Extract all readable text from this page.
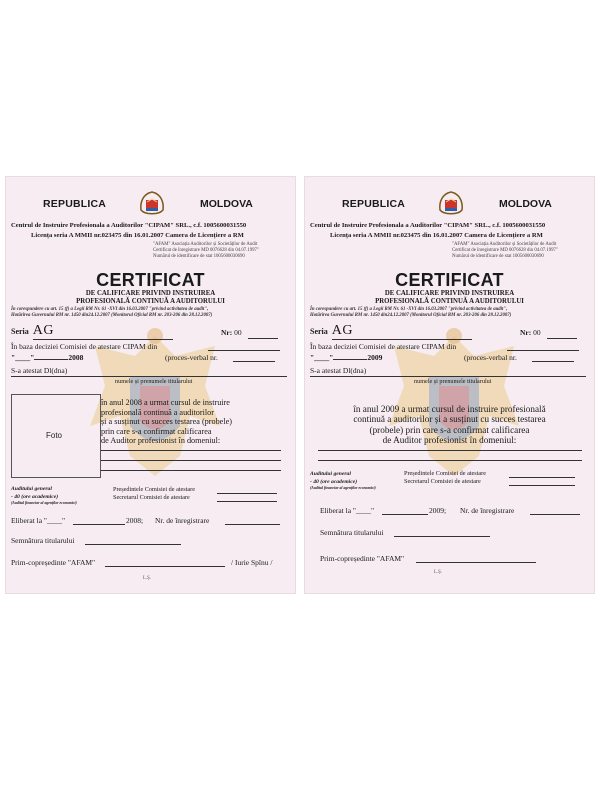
REPUBLICA	MOLDOVA
Centrul de Instruire Profesionala a Auditorilor "CIPAM" SRL., c.f. 1005600031550
Licența seria A MMII nr.023475 din 16.01.2007 Camera de Licențiere a RM
"AFAM" Asociația Auditorilor și Societăților de Audit
Certificat de înregistrare MD 0076628 din 04.07.1997"
Numărul de identificare de stat 1005600030690
CERTIFICAT
DE CALIFICARE PRIVIND INSTRUIREA
PROFESIONALĂ CONTINUĂ A AUDITORULUI
În corespundere cu art. 15 (f) a Legii RM Nr. 61 -XVI din 16.03.2007 "privind activitatea de audit",
Hotărîrea Guvernului RM nr. 1450 din24.12.2007 (Monitorul Oficial RM nr. 203-206 din 28.12.2007)
Seria AG	Nr: 00
În baza deciziei Comisiei de atestare CIPAM din
"____"	2008	(proces-verbal nr.
S-a atestat Dl(dna)
numele și prenumele titularului
Foto
în anul 2008 a urmat cursul de instruire
profesională continuă a auditorilor
și a susținut cu succes testarea (probele)
prin care s-a confirmat calificarea
de Auditor profesionist în domeniul:
Auditului general
- 40 (ore academice)
(Auditul financiar al agenților economici)
Președintele Comisiei de atestare
Secretarul Comisiei de atestare
Eliberat la "____"	2008; Nr. de înregistrare
Semnătura titularului
Prim-copreședinte "AFAM"	/ Iurie Spînu /
L.Ș.
REPUBLICA	MOLDOVA
Centrul de Instruire Profesionala a Auditorilor "CIPAM" SRL., c.f. 1005600031550
Licența seria A MMII nr.023475 din 16.01.2007 Camera de Licențiere a RM
"AFAM" Asociația Auditorilor și Societăților de Audit
Certificat de înregistrare MD 0076628 din 04.07.1997"
Numărul de identificare de stat 1005600030690
CERTIFICAT
DE CALIFICARE PRIVIND INSTRUIREA
PROFESIONALĂ CONTINUĂ A AUDITORULUI
În corespundere cu art. 15 (f) a Legii RM Nr. 61 -XVI din 16.03.2007 "privind activitatea de audit",
Hotărîrea Guvernului RM nr. 1450 din24.12.2007 (Monitorul Oficial RM nr. 203-206 din 28.12.2007)
Seria AG	Nr: 00
În baza deciziei Comisiei de atestare CIPAM din
"____"	2009	(proces-verbal nr.
S-a atestat Dl(dna)
numele și prenumele titularului
în anul 2009 a urmat cursul de instruire profesională
continuă a auditorilor și a susținut cu succes testarea
(probele) prin care s-a confirmat calificarea
de Auditor profesionist în domeniul:
Auditului general
- 40 (ore academice)
(Auditul financiar al agenților economici)
Președintele Comisiei de atestare
Secretarul Comisiei de atestare
Eliberat la "____"	2009; Nr. de înregistrare
Semnătura titularului
Prim-copreședinte "AFAM"
L.Ș.
